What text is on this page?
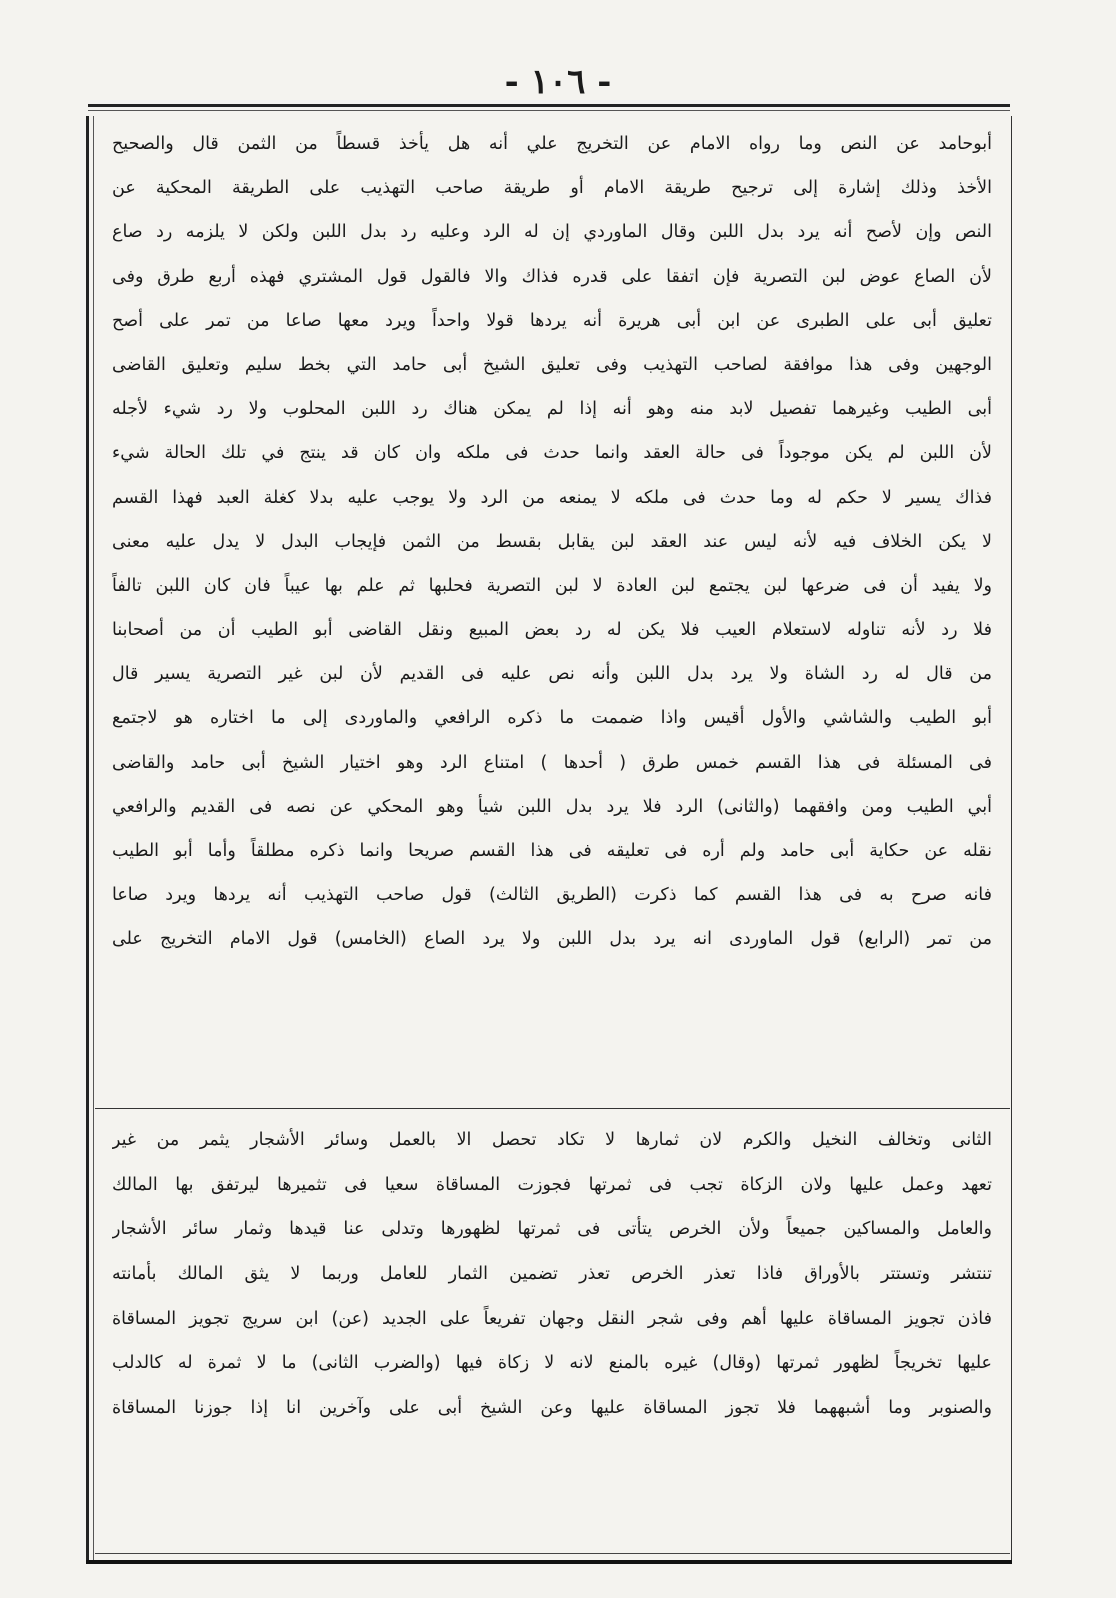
- ١٠٦ -
أبوحامد عن النص وما رواه الامام عن التخريج علي أنه هل يأخذ قسطاً من الثمن قال والصحيح
الأخذ وذلك إشارة إلى ترجيح طريقة الامام أو طريقة صاحب التهذيب على الطريقة المحكية عن
النص وإن لأصح أنه يرد بدل اللبن وقال الماوردي إن له الرد وعليه رد بدل اللبن ولكن لا يلزمه رد صاع
لأن الصاع عوض لبن التصرية فإن اتفقا على قدره فذاك والا فالقول قول المشتري فهذه أربع طرق وفى
تعليق أبى على الطبرى عن ابن أبى هريرة أنه يردها قولا واحداً ويرد معها صاعا من تمر على أصح
الوجهين وفى هذا موافقة لصاحب التهذيب وفى تعليق الشيخ أبى حامد التي بخط سليم وتعليق القاضى
أبى الطيب وغيرهما تفصيل لابد منه وهو أنه إذا لم يمكن هناك رد اللبن المحلوب ولا رد شيء لأجله
لأن اللبن لم يكن موجوداً فى حالة العقد وانما حدث فى ملكه وان كان قد ينتج في تلك الحالة شيء
فذاك يسير لا حكم له وما حدث فى ملكه لا يمنعه من الرد ولا يوجب عليه بدلا كغلة العبد فهذا القسم
لا يكن الخلاف فيه لأنه ليس عند العقد لبن يقابل بقسط من الثمن فإيجاب البدل لا يدل عليه معنى
ولا يفيد أن فى ضرعها لبن يجتمع لبن العادة لا لبن التصرية فحلبها ثم علم بها عيباً فان كان اللبن تالفاً
فلا رد لأنه تناوله لاستعلام العيب فلا يكن له رد بعض المبيع ونقل القاضى أبو الطيب أن من أصحابنا
من قال له رد الشاة ولا يرد بدل اللبن وأنه نص عليه فى القديم لأن لبن غير التصرية يسير قال
أبو الطيب والشاشي والأول أقيس واذا ضممت ما ذكره الرافعي والماوردى إلى ما اختاره هو لاجتمع
فى المسئلة فى هذا القسم خمس طرق ( أحدها ) امتناع الرد وهو اختيار الشيخ أبى حامد والقاضى
أبي الطيب ومن وافقهما (والثانى) الرد فلا يرد بدل اللبن شيأ وهو المحكي عن نصه فى القديم والرافعي
نقله عن حكاية أبى حامد ولم أره فى تعليقه فى هذا القسم صريحا وانما ذكره مطلقاً وأما أبو الطيب
فانه صرح به فى هذا القسم كما ذكرت (الطريق الثالث) قول صاحب التهذيب أنه يردها ويرد صاعا
من تمر (الرابع) قول الماوردى انه يرد بدل اللبن ولا يرد الصاع (الخامس) قول الامام التخريج على
الثانى وتخالف النخيل والكرم لان ثمارها لا تكاد تحصل الا بالعمل وسائر الأشجار يثمر من غير
تعهد وعمل عليها ولان الزكاة تجب فى ثمرتها فجوزت المساقاة سعيا فى تثميرها ليرتفق بها المالك
والعامل والمساكين جميعاً ولأن الخرص يتأتى فى ثمرتها لظهورها وتدلى عنا قيدها وثمار سائر الأشجار
تنتشر وتستتر بالأوراق فاذا تعذر الخرص تعذر تضمين الثمار للعامل وربما لا يثق المالك بأمانته
فاذن تجويز المساقاة عليها أهم وفى شجر النقل وجهان تفريعاً على الجديد (عن) ابن سريج تجويز المساقاة
عليها تخريجاً لظهور ثمرتها (وقال) غيره بالمنع لانه لا زكاة فيها (والضرب الثانى) ما لا ثمرة له كالدلب
والصنوبر وما أشبههما فلا تجوز المساقاة عليها وعن الشيخ أبى على وآخرين انا إذا جوزنا المساقاة
